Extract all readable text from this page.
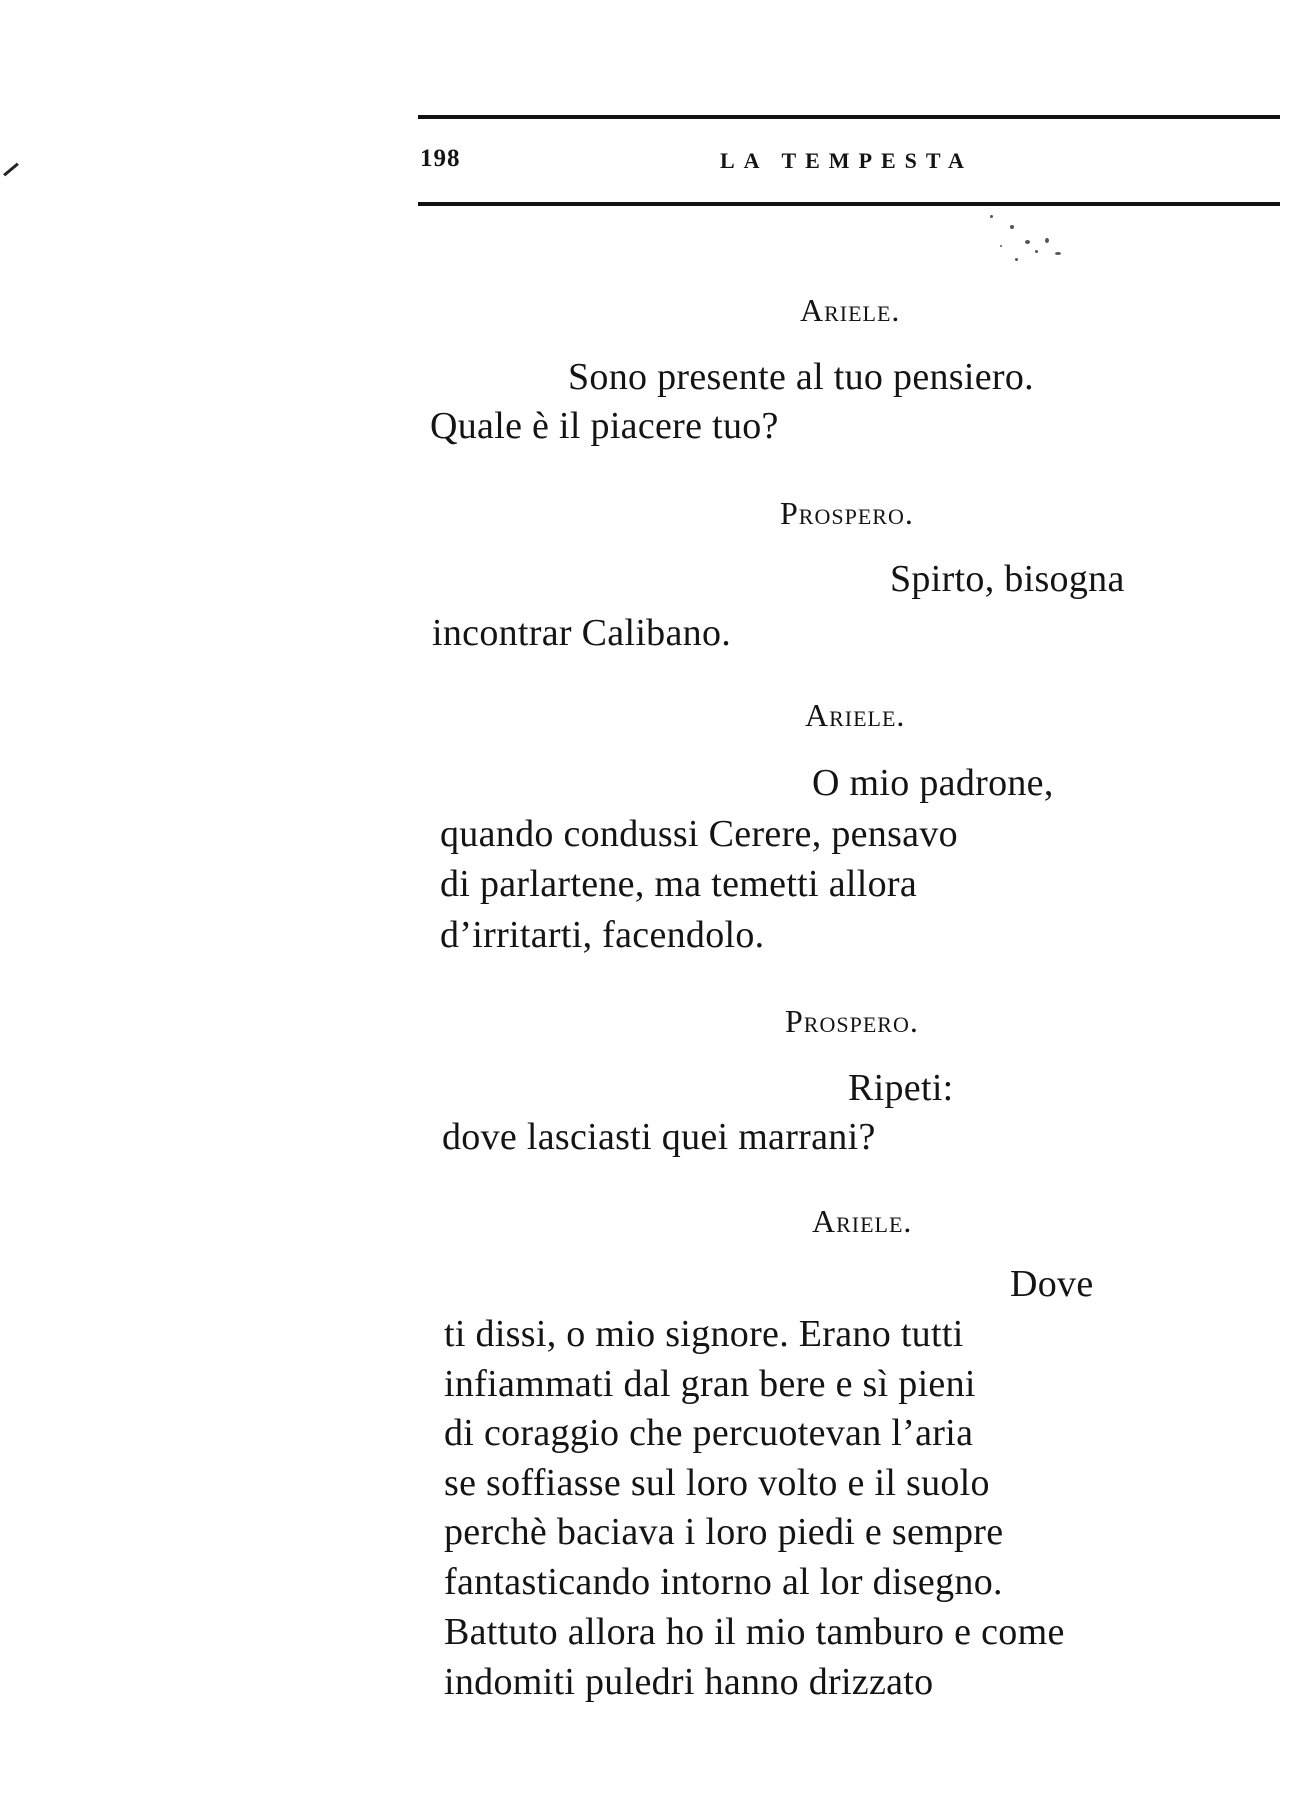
198	LA TEMPESTA
Ariele.
Sono presente al tuo pensiero.
Quale è il piacere tuo?
Prospero.
Spirto, bisogna
incontrar Calibano.
Ariele.
O mio padrone,
quando condussi Cerere, pensavo
di parlartene, ma temetti allora
d’irritarti, facendolo.
Prospero.
Ripeti:
dove lasciasti quei marrani?
Ariele.
Dove
ti dissi, o mio signore. Erano tutti
infiammati dal gran bere e sì pieni
di coraggio che percuotevan l’aria
se soffiasse sul loro volto e il suolo
perchè baciava i loro piedi e sempre
fantasticando intorno al lor disegno.
Battuto allora ho il mio tamburo e come
indomiti puledri hanno drizzato
